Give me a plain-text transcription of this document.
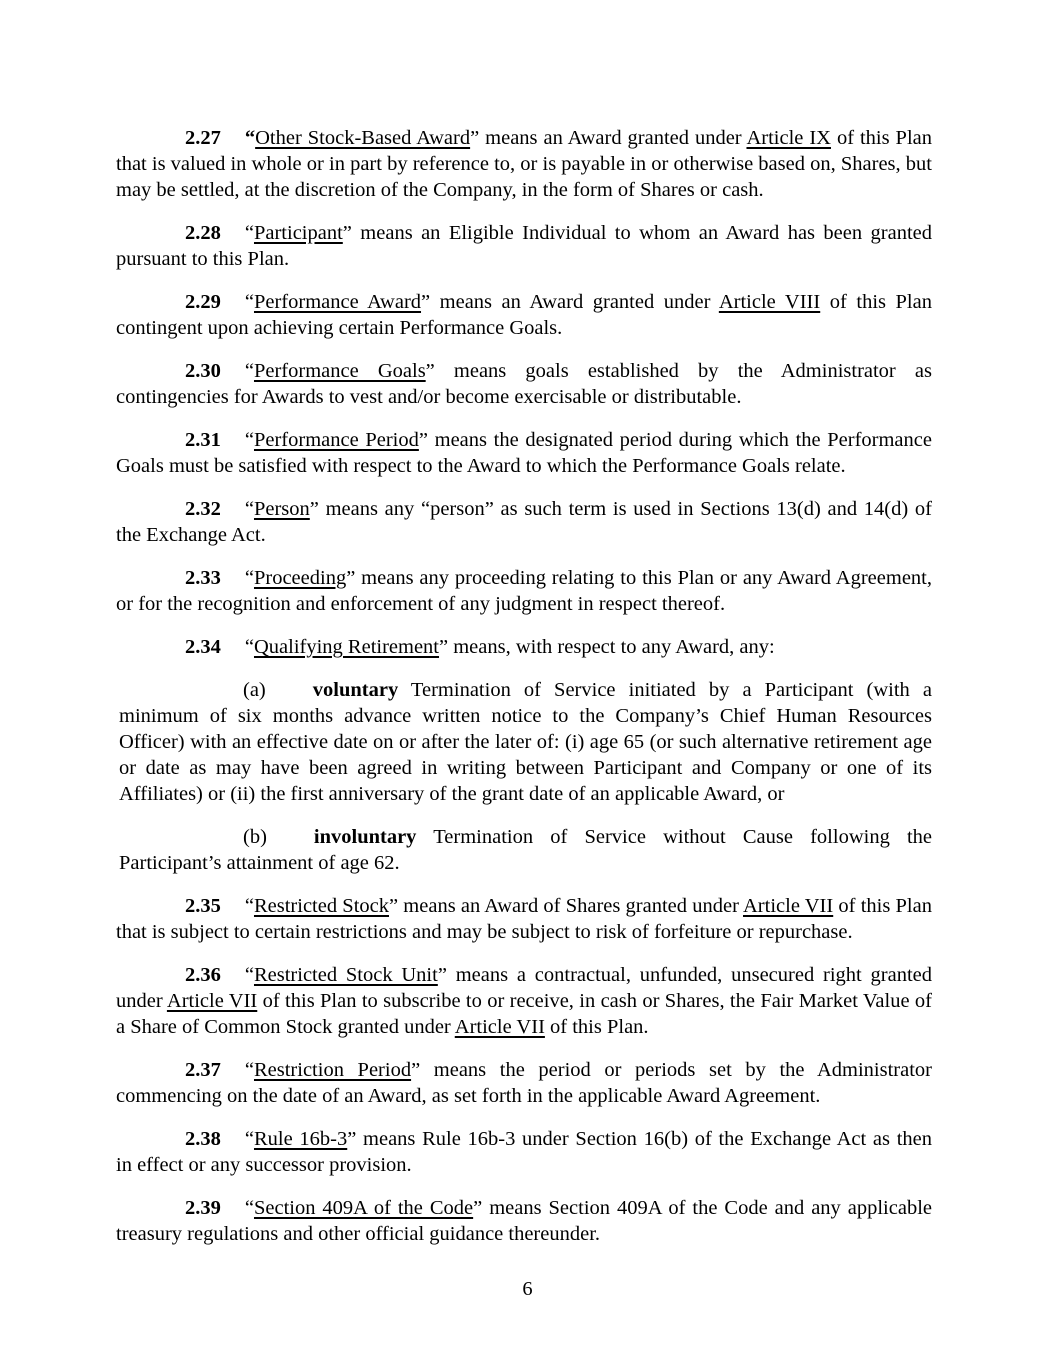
2.27 “Other Stock-Based Award” means an Award granted under Article IX of this Plan that is valued in whole or in part by reference to, or is payable in or otherwise based on, Shares, but may be settled, at the discretion of the Company, in the form of Shares or cash.

2.28 “Participant” means an Eligible Individual to whom an Award has been granted pursuant to this Plan.

2.29 “Performance Award” means an Award granted under Article VIII of this Plan contingent upon achieving certain Performance Goals.

2.30 “Performance Goals” means goals established by the Administrator as contingencies for Awards to vest and/or become exercisable or distributable.

2.31 “Performance Period” means the designated period during which the Performance Goals must be satisfied with respect to the Award to which the Performance Goals relate.

2.32 “Person” means any “person” as such term is used in Sections 13(d) and 14(d) of the Exchange Act.

2.33 “Proceeding” means any proceeding relating to this Plan or any Award Agreement, or for the recognition and enforcement of any judgment in respect thereof.

2.34 “Qualifying Retirement” means, with respect to any Award, any:

(a) voluntary Termination of Service initiated by a Participant (with a minimum of six months advance written notice to the Company’s Chief Human Resources Officer) with an effective date on or after the later of: (i) age 65 (or such alternative retirement age or date as may have been agreed in writing between Participant and Company or one of its Affiliates) or (ii) the first anniversary of the grant date of an applicable Award, or

(b) involuntary Termination of Service without Cause following the Participant’s attainment of age 62.

2.35 “Restricted Stock” means an Award of Shares granted under Article VII of this Plan that is subject to certain restrictions and may be subject to risk of forfeiture or repurchase.

2.36 “Restricted Stock Unit” means a contractual, unfunded, unsecured right granted under Article VII of this Plan to subscribe to or receive, in cash or Shares, the Fair Market Value of a Share of Common Stock granted under Article VII of this Plan.

2.37 “Restriction Period” means the period or periods set by the Administrator commencing on the date of an Award, as set forth in the applicable Award Agreement.

2.38 “Rule 16b-3” means Rule 16b-3 under Section 16(b) of the Exchange Act as then in effect or any successor provision.

2.39 “Section 409A of the Code” means Section 409A of the Code and any applicable treasury regulations and other official guidance thereunder.

6
